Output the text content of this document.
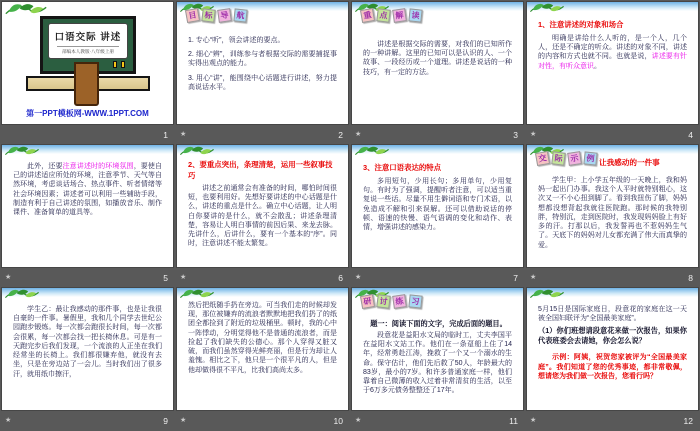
口语交际 讲述
部编本人教版·八年级上册
第一PPT模板网-WWW.1PPT.COM
1
目 标 导 航

1. 专心“听”，领会讲述的要点。

2. 细心“辨”，训练参与者根据交际的需要捕捉事实得出观点的能力。

3. 用心“讲”，能围绕中心话题进行讲述，努力提高说话水平。

★	2
重 点 解 读

讲述是根据交际的需要，对我们的已知所作的一种讲解。这里的已知可以是认识的人、一个故事、一段经历或一个道理。讲述是说话的一种技巧，有一定的方法。

★	3
1、注意讲述的对象和场合

明确是讲给什么人听的，是一个人，几个人，还是不确定的听众。讲述的对象不同，讲述的内容和方式也就不同。也就是说，讲述要有针对性，有听众意识。

★	4

此外，还要注意讲述时的环境氛围，要使自己的讲述适应所处的环境，注意季节、天气等自然环境，考虑谈话场合、热点事件、听者情绪等社会环境因素；讲述者可以利用一些辅助手段，制造有利于自己讲述的氛围，如播放音乐、制作课件、准备简单的道具等。

★	5
2、要重点突出，条理清楚，运用一些叙事技巧

讲述之前通常会有准备的时间，哪怕时间很短，也要利用好。先想好要讲述的中心话题是什么，讲述的重点是什么。确立中心话题，让人明白你要讲的是什么，就不会散乱；讲述条理清楚，容易让人明白事情的前因后果、来龙去脉。先讲什么，后讲什么，要有一个基本的“序”。同时，注意讲述不能太繁复。

★	6
3、注意口语表达的特点

多用短句，少用长句；多用单句，少用复句。有时为了强调，提醒听者注意，可以适当重复说一些话。尽量不用生僻词语和专门术语，以免造成不解和引来误解。还可以借助说话的停顿、语速的快慢、语气语调的变化和动作、表情，增强讲述的感染力。

★	7
交 际 示 例 让我感动的一件事

学生甲：上小学五年级的一天晚上，我和妈妈一起出门办事。我这个人平时就特别粗心，这次又一不小心扭到脚了。看到我扭伤了脚，妈妈想都没想背起我就往医院跑。那时候的我特别胖，特别沉，走到医院时，我发现妈妈脸上有好多的汗。打那以后，我发誓再也不惹妈妈生气了。天底下的妈妈对儿女都充满了伟大而真挚的爱。

★	8

学生乙：最让我感动的那件事，也是让我很自豪的一件事。暑假里，我和几个同学去世纪公园跑步锻炼。每一次都会跑很长时间，每一次都会很累，每一次都会找一把长椅休息。可是有一天跑完步后我们发现，一个流浪的人正坐在我们经常坐的长椅上。我们都很嫌弃他，就没有去坐，只是在旁边站了一会儿。当时我们出了很多汗，就用纸巾擦汗，

★	9

然后把纸随手扔在旁边。可当我们走的时候却发现，那位被嫌弃的流浪者默默地把我们扔了的纸团全都捡到了附近的垃圾桶里。顿时，我的心中一阵悸动，分明觉得他不是普通的流浪者，而是捡起了我们缺失的公德心。那个人穿得又脏又破，而我们虽然穿得光鲜亮丽，但是行为却让人羞愧。相比之下，他只是一个很平凡的人，但是他却做得很不平凡，比我们高尚太多。

★	10
研 讨 练 习
题一：阅读下面的文字，完成后面的题目。

段意花是益阳水文局的临时工，丈夫李国平在益阳水文站工作。他们在一条趸船上住了14年，经常勇赴江涛，挽救了一个又一个溺水的生命。保守估计，他们先后救了50人，年龄最大的83岁，最小的7岁。和许多普通家庭一样，他们靠着自己微薄的收入过着非常清贫的生活，以至于6万多元债务整整还了17年。

★	11

5月15日是国际家庭日，段意花的家庭在这一天被全国妇联评为“全国最美家庭”。

（1）你们班想请段意花来做一次报告，如果你代表班委会去请她，你会怎么说？

示例：阿姨，祝贺您家被评为“全国最美家庭”。我们知道了您的优秀事迹，都非常敬佩，想请您为我们做一次报告，您看行吗？

★	12
